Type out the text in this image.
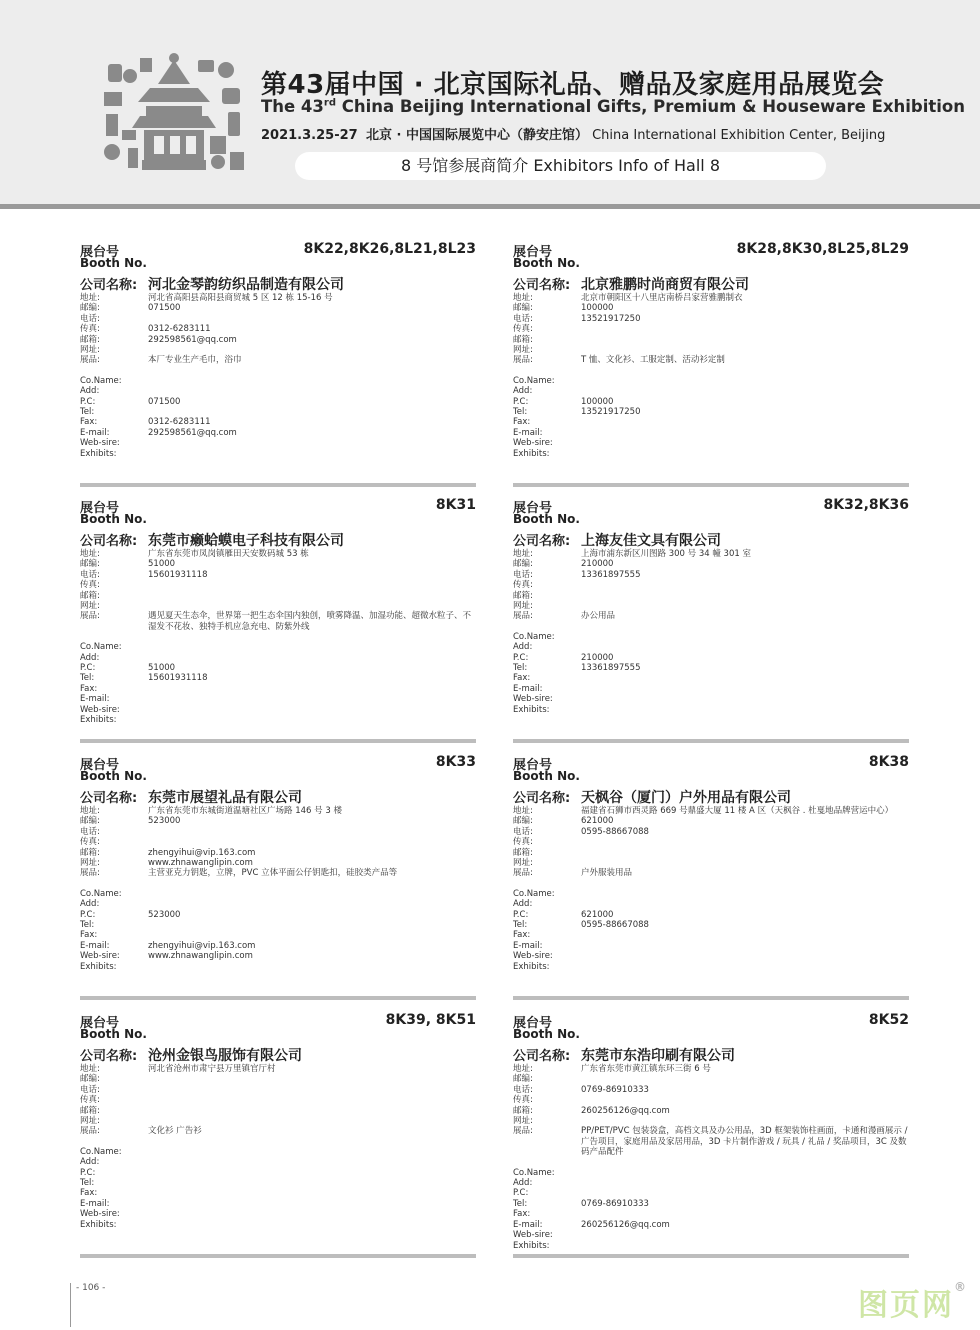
第43届中国 · 北京国际礼品、赠品及家庭用品展览会
The 43rd China Beijing International Gifts, Premium & Houseware Exhibition
2021.3.25-27 北京 · 中国国际展览中心（静安庄馆） China International Exhibition Center, Beijing
8 号馆参展商简介 Exhibitors Info of Hall 8
展台号
Booth No.
8K22,8K26,8L21,8L23
公司名称: 河北金琴韵纺织品制造有限公司
地址:	河北省高阳县高阳县商贸城 5 区 12 栋 15-16 号
邮编:	071500
电话:
传真:	0312-6283111
邮箱:	292598561@qq.com
网址:
展品:	本厂专业生产毛巾，浴巾
Co.Name:
Add:
P.C:	071500
Tel:
Fax:	0312-6283111
E-mail:	292598561@qq.com
Web-sire:
Exhibits:
展台号
Booth No.
8K28,8K30,8L25,8L29
公司名称: 北京雅鹏时尚商贸有限公司
地址:	北京市朝阳区十八里店南桥吕家营雅鹏制衣
邮编:	100000
电话:	13521917250
传真:
邮箱:
网址:
展品:	T 恤、文化衫、工服定制、活动衫定制
Co.Name:
Add:
P.C:	100000
Tel:	13521917250
Fax:
E-mail:
Web-sire:
Exhibits:
展台号
Booth No.
8K31
公司名称: 东莞市癞蛤蟆电子科技有限公司
地址:	广东省东莞市凤岗镇雁田天安数码城 53 栋
邮编:	51000
电话:	15601931118
传真:
邮箱:
网址:
展品:	遇见夏天生态伞，世界第一把生态伞国内独创，喷雾降温、加湿功能、超微水粒子、不湿发不花妆、独特手机应急充电、防紫外线
Co.Name:
Add:
P.C:	51000
Tel:	15601931118
Fax:
E-mail:
Web-sire:
Exhibits:
展台号
Booth No.
8K32,8K36
公司名称: 上海友佳文具有限公司
地址:	上海市浦东新区川图路 300 号 34 幢 301 室
邮编:	210000
电话:	13361897555
传真:
邮箱:
网址:
展品:	办公用品
Co.Name:
Add:
P.C:	210000
Tel:	13361897555
Fax:
E-mail:
Web-sire:
Exhibits:
展台号
Booth No.
8K33
公司名称: 东莞市展望礼品有限公司
地址:	广东省东莞市东城街道温塘社区广场路 146 号 3 楼
邮编:	523000
电话:
传真:
邮箱:	zhengyihui@vip.163.com
网址:	www.zhnawanglipin.com
展品:	主营亚克力钥匙，立牌，PVC 立体平面公仔钥匙扣，硅胶类产品等
Co.Name:
Add:
P.C:	523000
Tel:
Fax:
E-mail:	zhengyihui@vip.163.com
Web-sire:	www.zhnawanglipin.com
Exhibits:
展台号
Booth No.
8K38
公司名称: 天枫谷（厦门）户外用品有限公司
地址:	福建省石狮市西灵路 669 号鼎盛大厦 11 楼 A 区（天枫谷 . 杜戛地品牌营运中心）
邮编:	621000
电话:	0595-88667088
传真:
邮箱:
网址:
展品:	户外服装用品
Co.Name:
Add:
P.C:	621000
Tel:	0595-88667088
Fax:
E-mail:
Web-sire:
Exhibits:
展台号
Booth No.
8K39, 8K51
公司名称: 沧州金银鸟服饰有限公司
地址:	河北省沧州市肃宁县万里镇官厅村
邮编:
电话:
传真:
邮箱:
网址:
展品:	文化衫 广告衫
Co.Name:
Add:
P.C:
Tel:
Fax:
E-mail:
Web-sire:
Exhibits:
展台号
Booth No.
8K52
公司名称: 东莞市东浩印刷有限公司
地址:	广东省东莞市黄江镇东环三街 6 号
邮编:
电话:	0769-86910333
传真:
邮箱:	260256126@qq.com
网址:
展品:	PP/PET/PVC 包装袋盒，高档文具及办公用品，3D 框架装饰柱画面，卡通和漫画展示 / 广告项目，家庭用品及家居用品，3D 卡片制作游戏 / 玩具 / 礼品 / 奖品项目，3C 及数码产品配件
Co.Name:
Add:
P.C:
Tel:	0769-86910333
Fax:
E-mail:	260256126@qq.com
Web-sire:
Exhibits:
- 106 -	图页网®
